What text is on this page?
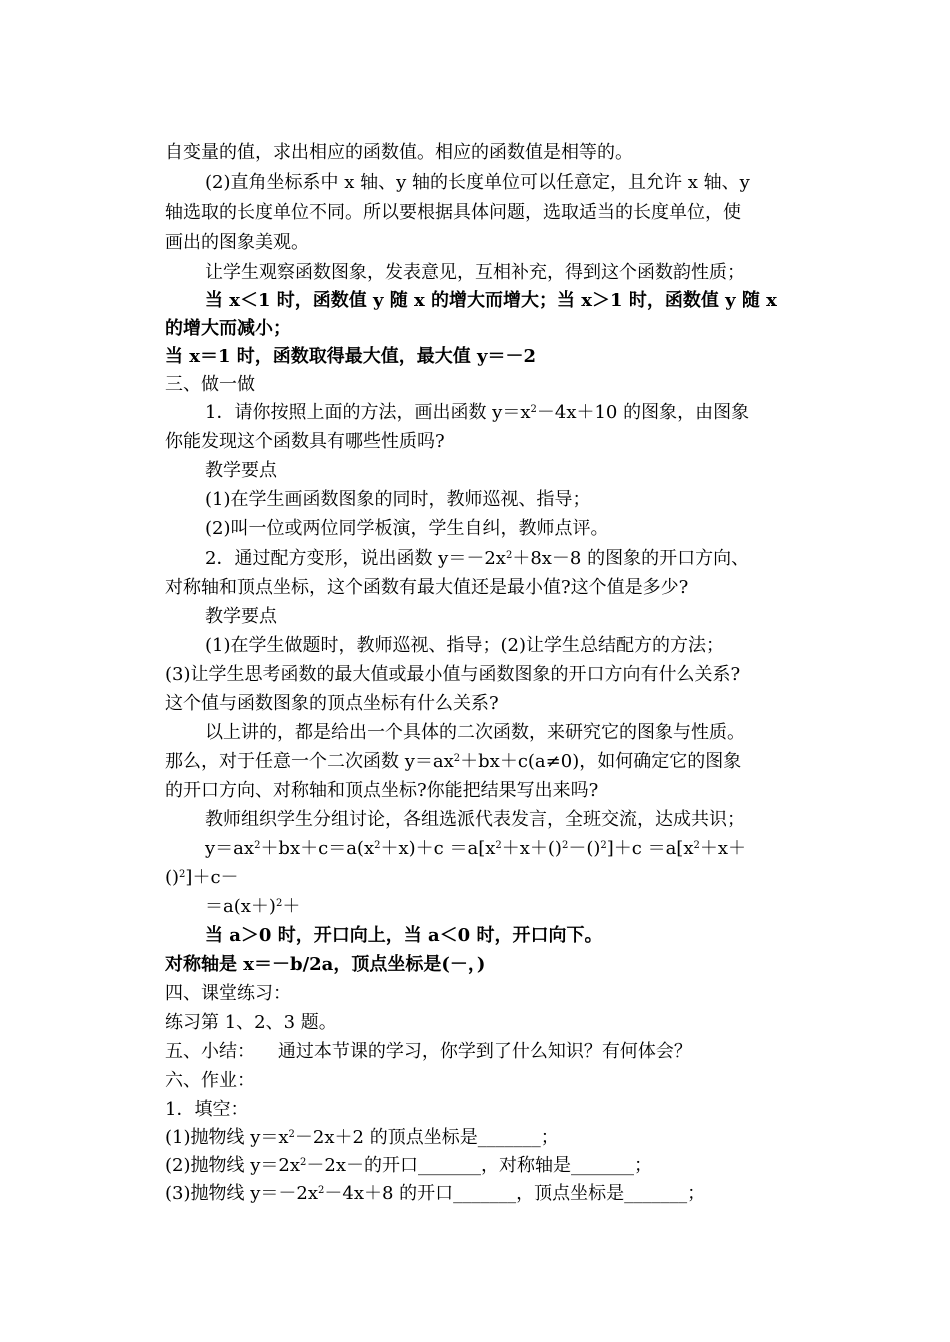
自变量的值，求出相应的函数值。相应的函数值是相等的。
(2)直角坐标系中 x 轴、y 轴的长度单位可以任意定，且允许 x 轴、y
轴选取的长度单位不同。所以要根据具体问题，选取适当的长度单位，使
画出的图象美观。
让学生观察函数图象，发表意见，互相补充，得到这个函数韵性质；
当 x＜1 时，函数值 y 随 x 的增大而增大；当 x＞1 时，函数值 y 随 x
的增大而减小；
当 x＝1 时，函数取得最大值，最大值 y＝－2
三、做一做
1．请你按照上面的方法，画出函数 $y=x^2-4x+10$ 的图象，由图象
你能发现这个函数具有哪些性质吗?
教学要点
(1)在学生画函数图象的同时，教师巡视、指导；
(2)叫一位或两位同学板演，学生自纠，教师点评。
2．通过配方变形，说出函数 $y=-2x^2+8x-8$ 的图象的开口方向、
对称轴和顶点坐标，这个函数有最大值还是最小值?这个值是多少?
教学要点
(1)在学生做题时，教师巡视、指导；(2)让学生总结配方的方法；
(3)让学生思考函数的最大值或最小值与函数图象的开口方向有什么关系?
这个值与函数图象的顶点坐标有什么关系?
以上讲的，都是给出一个具体的二次函数，来研究它的图象与性质。
那么，对于任意一个二次函数 $y=ax^2+bx+c(a\ne 0)$，如何确定它的图象
的开口方向、对称轴和顶点坐标?你能把结果写出来吗?
教师组织学生分组讨论，各组选派代表发言，全班交流，达成共识；
$y=ax^2+bx+c=a(x^2+x)+c =a[x^2+x+()^2-()^2]+c =a[x^2+x+$
()$^2$]＋c－
$=a(x+)^2+$
当 a＞0 时，开口向上，当 a＜0 时，开口向下。
对称轴是 x＝－b/2a，顶点坐标是(－，)
四、课堂练习：
练习第 1、2、3 题。
五、小结：    通过本节课的学习，你学到了什么知识？有何体会？
六、作业：
1．填空：
(1)抛物线 $y=x^2-2x+2$ 的顶点坐标是_______；
(2)抛物线 $y=2x^2-2x-$的开口_______，对称轴是_______；
(3)抛物线 $y=-2x^2-4x+8$ 的开口_______，顶点坐标是_______；
